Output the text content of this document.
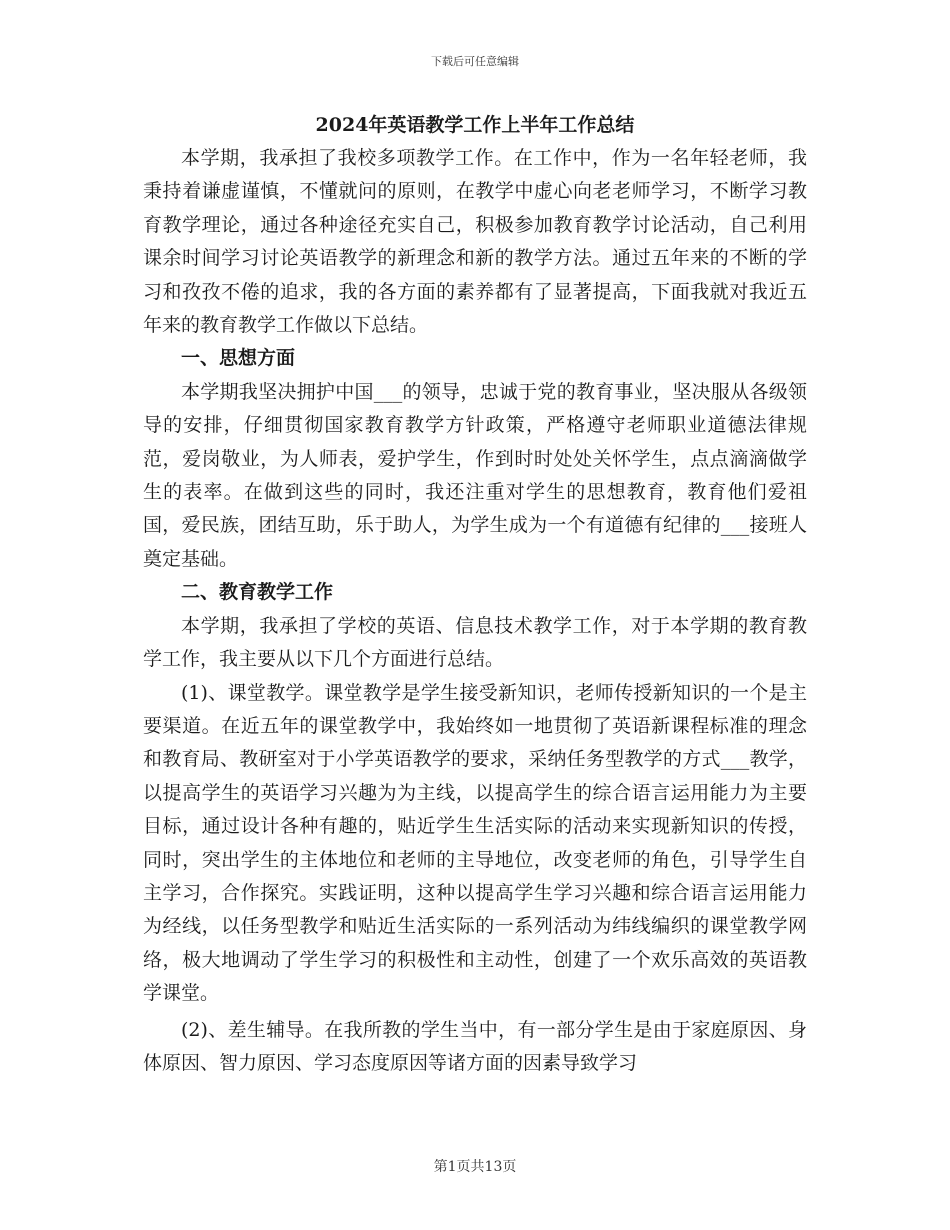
下载后可任意编辑
2024年英语教学工作上半年工作总结

本学期，我承担了我校多项教学工作。在工作中，作为一名年轻老师，我秉持着谦虚谨慎，不懂就问的原则，在教学中虚心向老老师学习，不断学习教育教学理论，通过各种途径充实自己，积极参加教育教学讨论活动，自己利用课余时间学习讨论英语教学的新理念和新的教学方法。通过五年来的不断的学习和孜孜不倦的追求，我的各方面的素养都有了显著提高，下面我就对我近五年来的教育教学工作做以下总结。

一、思想方面

本学期我坚决拥护中国___的领导，忠诚于党的教育事业，坚决服从各级领导的安排，仔细贯彻国家教育教学方针政策，严格遵守老师职业道德法律规范，爱岗敬业，为人师表，爱护学生，作到时时处处关怀学生，点点滴滴做学生的表率。在做到这些的同时，我还注重对学生的思想教育，教育他们爱祖国，爱民族，团结互助，乐于助人，为学生成为一个有道德有纪律的___接班人奠定基础。

二、教育教学工作

本学期，我承担了学校的英语、信息技术教学工作，对于本学期的教育教学工作，我主要从以下几个方面进行总结。

(1)、课堂教学。课堂教学是学生接受新知识，老师传授新知识的一个是主要渠道。在近五年的课堂教学中，我始终如一地贯彻了英语新课程标准的理念和教育局、教研室对于小学英语教学的要求，采纳任务型教学的方式___教学，以提高学生的英语学习兴趣为为主线，以提高学生的综合语言运用能力为主要目标，通过设计各种有趣的，贴近学生生活实际的活动来实现新知识的传授，同时，突出学生的主体地位和老师的主导地位，改变老师的角色，引导学生自主学习，合作探究。实践证明，这种以提高学生学习兴趣和综合语言运用能力为经线，以任务型教学和贴近生活实际的一系列活动为纬线编织的课堂教学网络，极大地调动了学生学习的积极性和主动性，创建了一个欢乐高效的英语教学课堂。

(2)、差生辅导。在我所教的学生当中，有一部分学生是由于家庭原因、身体原因、智力原因、学习态度原因等诸方面的因素导致学习

第1页共13页
